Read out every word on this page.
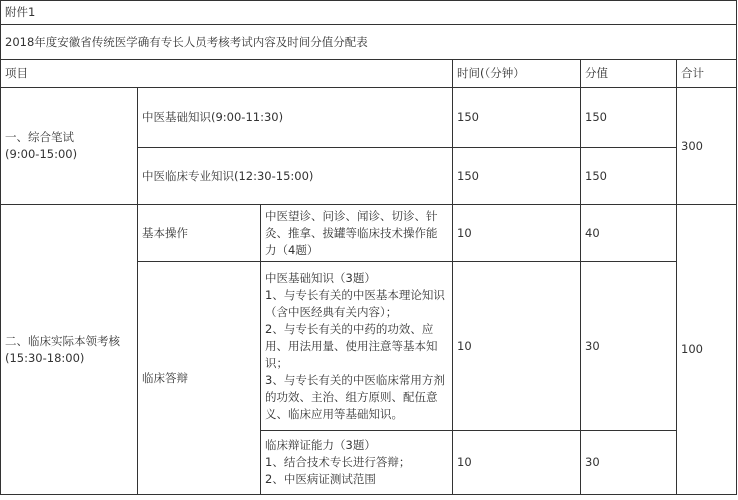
附件1					
2018年度安徽省传统医学确有专长人员考核考试内容及时间分值分配表					
项目			时间(（分钟）	分值	合计
一、综合笔试
(9:00-15:00)	中医基础知识(9:00-11:30)		150	150	300
	中医临床专业知识(12:30-15:00)		150	150	
二、临床实际本领考核
(15:30-18:00)	基本操作	中医望诊、问诊、闻诊、切诊、针灸、推拿、拔罐等临床技术操作能力（4题）	10	40	100
	临床答辩	中医基础知识（3题）
1、与专长有关的中医基本理论知识（含中医经典有关内容）；
2、与专长有关的中药的功效、应用、用法用量、使用注意等基本知识；
3、与专长有关的中医临床常用方剂的功效、主治、组方原则、配伍意义、临床应用等基础知识。	10	30	
		临床辩证能力（3题）
1、结合技术专长进行答辩；
2、中医病证测试范围	10	30	
